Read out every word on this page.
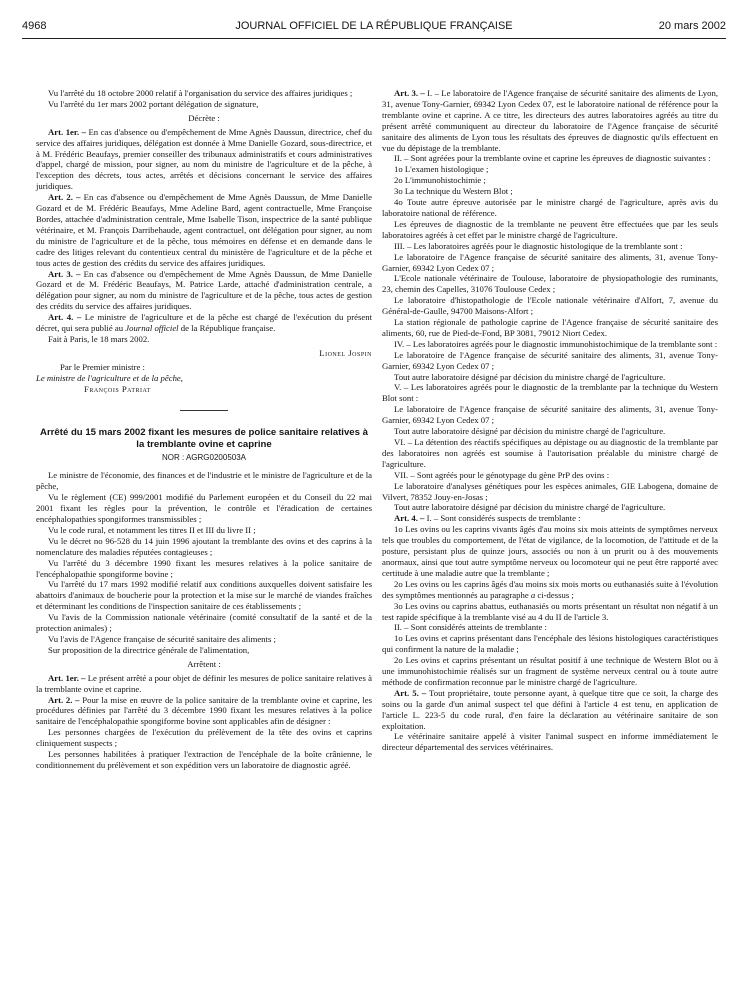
4968	JOURNAL OFFICIEL DE LA RÉPUBLIQUE FRANÇAISE	20 mars 2002

Vu l'arrêté du 18 octobre 2000 relatif à l'organisation du service des affaires juridiques ;

Vu l'arrêté du 1er mars 2002 portant délégation de signature,

Décrète :

Art. 1er. – En cas d'absence ou d'empêchement de Mme Agnès Daussun, directrice, chef du service des affaires juridiques, délégation est donnée à Mme Danielle Gozard, sous-directrice, et à M. Frédéric Beaufays, premier conseiller des tribunaux administratifs et cours administratives d'appel, chargé de mission, pour signer, au nom du ministre de l'agriculture et de la pêche, à l'exception des décrets, tous actes, arrêtés et décisions concernant le service des affaires juridiques.

Art. 2. – En cas d'absence ou d'empêchement de Mme Agnès Daussun, de Mme Danielle Gozard et de M. Frédéric Beaufays, Mme Adeline Bard, agent contractuelle, Mme Françoise Bordes, attachée d'administration centrale, Mme Isabelle Tison, inspectrice de la santé publique vétérinaire, et M. François Darribehaude, agent contractuel, ont délégation pour signer, au nom du ministre de l'agriculture et de la pêche, tous mémoires en défense et en demande dans le cadre des litiges relevant du contentieux central du ministère de l'agriculture et de la pêche et tous actes de gestion des crédits du service des affaires juridiques.

Art. 3. – En cas d'absence ou d'empêchement de Mme Agnès Daussun, de Mme Danielle Gozard et de M. Frédéric Beaufays, M. Patrice Larde, attaché d'administration centrale, a délégation pour signer, au nom du ministre de l'agriculture et de la pêche, tous actes de gestion des crédits du service des affaires juridiques.

Art. 4. – Le ministre de l'agriculture et de la pêche est chargé de l'exécution du présent décret, qui sera publié au Journal officiel de la République française.

Fait à Paris, le 18 mars 2002.

Lionel Jospin

Par le Premier ministre :

Le ministre de l'agriculture et de la pêche,

François Patriat

Arrêté du 15 mars 2002 fixant les mesures de police sanitaire relatives à la tremblante ovine et caprine
NOR : AGRG0200503A

Le ministre de l'économie, des finances et de l'industrie et le ministre de l'agriculture et de la pêche,

Vu le règlement (CE) 999/2001 modifié du Parlement européen et du Conseil du 22 mai 2001 fixant les règles pour la prévention, le contrôle et l'éradication de certaines encéphalopathies spongiformes transmissibles ;

Vu le code rural, et notamment les titres II et III du livre II ;

Vu le décret no 96-528 du 14 juin 1996 ajoutant la tremblante des ovins et des caprins à la nomenclature des maladies réputées contagieuses ;

Vu l'arrêté du 3 décembre 1990 fixant les mesures relatives à la police sanitaire de l'encéphalopathie spongiforme bovine ;

Vu l'arrêté du 17 mars 1992 modifié relatif aux conditions auxquelles doivent satisfaire les abattoirs d'animaux de boucherie pour la protection et la mise sur le marché de viandes fraîches et déterminant les conditions de l'inspection sanitaire de ces établissements ;

Vu l'avis de la Commission nationale vétérinaire (comité consultatif de la santé et de la protection animales) ;

Vu l'avis de l'Agence française de sécurité sanitaire des aliments ;

Sur proposition de la directrice générale de l'alimentation,

Arrêtent :

Art. 1er. – Le présent arrêté a pour objet de définir les mesures de police sanitaire relatives à la tremblante ovine et caprine.

Art. 2. – Pour la mise en œuvre de la police sanitaire de la tremblante ovine et caprine, les procédures définies par l'arrêté du 3 décembre 1990 fixant les mesures relatives à la police sanitaire de l'encéphalopathie spongiforme bovine sont applicables afin de désigner :

Les personnes chargées de l'exécution du prélèvement de la tête des ovins et caprins cliniquement suspects ;

Les personnes habilitées à pratiquer l'extraction de l'encéphale de la boîte crânienne, le conditionnement du prélèvement et son expédition vers un laboratoire de diagnostic agréé.

Art. 3. – I. – Le laboratoire de l'Agence française de sécurité sanitaire des aliments de Lyon, 31, avenue Tony-Garnier, 69342 Lyon Cedex 07, est le laboratoire national de référence pour la tremblante ovine et caprine. A ce titre, les directeurs des autres laboratoires agréés au titre du présent arrêté communiquent au directeur du laboratoire de l'Agence française de sécurité sanitaire des aliments de Lyon tous les résultats des épreuves de diagnostic qu'ils effectuent en vue du dépistage de la tremblante.

II. – Sont agréées pour la tremblante ovine et caprine les épreuves de diagnostic suivantes :

1o L'examen histologique ;

2o L'immunohistochimie ;

3o La technique du Western Blot ;

4o Toute autre épreuve autorisée par le ministre chargé de l'agriculture, après avis du laboratoire national de référence.

Les épreuves de diagnostic de la tremblante ne peuvent être effectuées que par les seuls laboratoires agréés à cet effet par le ministre chargé de l'agriculture.

III. – Les laboratoires agréés pour le diagnostic histologique de la tremblante sont :

Le laboratoire de l'Agence française de sécurité sanitaire des aliments, 31, avenue Tony-Garnier, 69342 Lyon Cedex 07 ;

L'Ecole nationale vétérinaire de Toulouse, laboratoire de physiopathologie des ruminants, 23, chemin des Capelles, 31076 Toulouse Cedex ;

Le laboratoire d'histopathologie de l'Ecole nationale vétérinaire d'Alfort, 7, avenue du Général-de-Gaulle, 94700 Maisons-Alfort ;

La station régionale de pathologie caprine de l'Agence française de sécurité sanitaire des aliments, 60, rue de Pied-de-Fond, BP 3081, 79012 Niort Cedex.

IV. – Les laboratoires agréés pour le diagnostic immunohistochimique de la tremblante sont :

Le laboratoire de l'Agence française de sécurité sanitaire des aliments, 31, avenue Tony-Garnier, 69342 Lyon Cedex 07 ;

Tout autre laboratoire désigné par décision du ministre chargé de l'agriculture.

V. – Les laboratoires agréés pour le diagnostic de la tremblante par la technique du Western Blot sont :

Le laboratoire de l'Agence française de sécurité sanitaire des aliments, 31, avenue Tony-Garnier, 69342 Lyon Cedex 07 ;

Tout autre laboratoire désigné par décision du ministre chargé de l'agriculture.

VI. – La détention des réactifs spécifiques au dépistage ou au diagnostic de la tremblante par des laboratoires non agréés est soumise à l'autorisation préalable du ministre chargé de l'agriculture.

VII. – Sont agréés pour le génotypage du gène PrP des ovins :

Le laboratoire d'analyses génétiques pour les espèces animales, GIE Labogena, domaine de Vilvert, 78352 Jouy-en-Josas ;

Tout autre laboratoire désigné par décision du ministre chargé de l'agriculture.

Art. 4. – I. – Sont considérés suspects de tremblante :

1o Les ovins ou les caprins vivants âgés d'au moins six mois atteints de symptômes nerveux tels que troubles du comportement, de l'état de vigilance, de la locomotion, de l'attitude et de la posture, persistant plus de quinze jours, associés ou non à un prurit ou à des mouvements anormaux, ainsi que tout autre symptôme nerveux ou locomoteur qui ne peut être rapporté avec certitude à une maladie autre que la tremblante ;

2o Les ovins ou les caprins âgés d'au moins six mois morts ou euthanasiés suite à l'évolution des symptômes mentionnés au paragraphe a ci-dessus ;

3o Les ovins ou caprins abattus, euthanasiés ou morts présentant un résultat non négatif à un test rapide spécifique à la tremblante visé au 4 du II de l'article 3.

II. – Sont considérés atteints de tremblante :

1o Les ovins et caprins présentant dans l'encéphale des lésions histologiques caractéristiques qui confirment la nature de la maladie ;

2o Les ovins et caprins présentant un résultat positif à une technique de Western Blot ou à une immunohistochimie réalisés sur un fragment de système nerveux central ou à toute autre méthode de confirmation reconnue par le ministre chargé de l'agriculture.

Art. 5. – Tout propriétaire, toute personne ayant, à quelque titre que ce soit, la charge des soins ou la garde d'un animal suspect tel que défini à l'article 4 est tenu, en application de l'article L. 223-5 du code rural, d'en faire la déclaration au vétérinaire sanitaire de son exploitation.

Le vétérinaire sanitaire appelé à visiter l'animal suspect en informe immédiatement le directeur départemental des services vétérinaires.
